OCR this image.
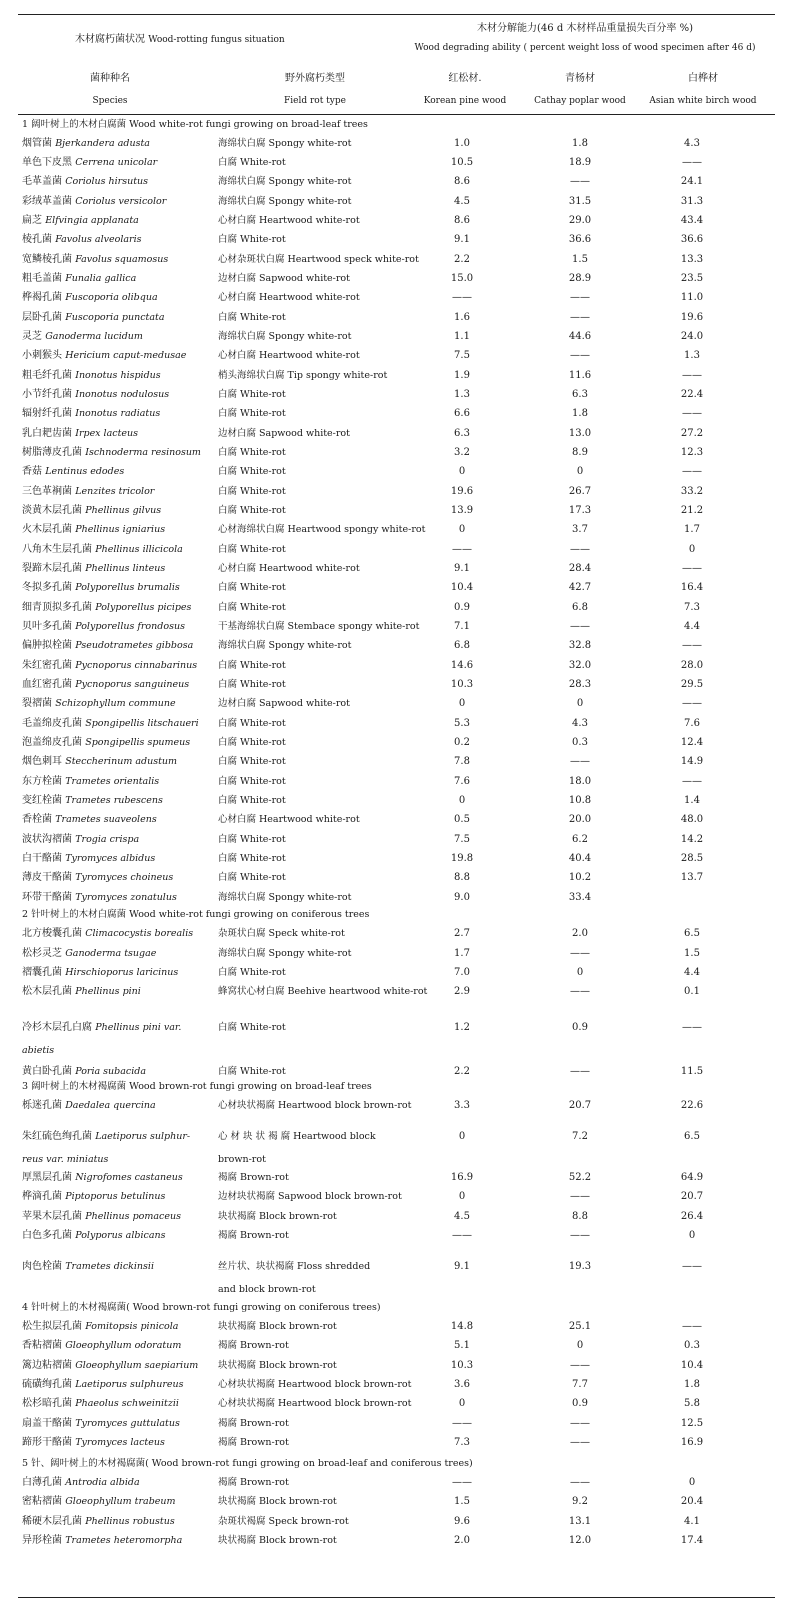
木材腐朽菌状况 Wood-rotting fungus situation
木材分解能力(46 d 木材样品重量损失百分率 %)
Wood degrading ability ( percent weight loss of wood specimen after 46 d)
菌种种名
Species
野外腐朽类型
Field rot type
红松材.
Korean pine wood
青杨材
Cathay poplar wood
白桦材
Asian white birch wood
1 阔叶树上的木材白腐菌 Wood white-rot fungi growing on broad-leaf trees
烟管菌 Bjerkandera adusta	海绵状白腐 Spongy white-rot	1.0	1.8	4.3
单色下皮黑 Cerrena unicolar	白腐 White-rot	10.5	18.9	——
毛革盖菌 Coriolus hirsutus	海绵状白腐 Spongy white-rot	8.6	——	24.1
彩绒革盖菌 Coriolus versicolor	海绵状白腐 Spongy white-rot	4.5	31.5	31.3
扁芝 Elfvingia applanata	心材白腐 Heartwood white-rot	8.6	29.0	43.4
棱孔菌 Favolus alveolaris	白腐 White-rot	9.1	36.6	36.6
宽鳞棱孔菌 Favolus squamosus	心材杂斑状白腐 Heartwood speck white-rot	2.2	1.5	13.3
粗毛盖菌 Funalia gallica	边材白腐 Sapwood white-rot	15.0	28.9	23.5
桦褐孔菌 Fuscoporia olibqua	心材白腐 Heartwood white-rot	——	——	11.0
层卧孔菌 Fuscoporia punctata	白腐 White-rot	1.6	——	19.6
灵芝 Ganoderma lucidum	海绵状白腐 Spongy white-rot	1.1	44.6	24.0
小刺猴头 Hericium caput-medusae	心材白腐 Heartwood white-rot	7.5	——	1.3
粗毛纤孔菌 Inonotus hispidus	梢头海绵状白腐 Tip spongy white-rot	1.9	11.6	——
小节纤孔菌 Inonotus nodulosus	白腐 White-rot	1.3	6.3	22.4
辐射纤孔菌 Inonotus radiatus	白腐 White-rot	6.6	1.8	——
乳白耙齿菌 Irpex lacteus	边材白腐 Sapwood white-rot	6.3	13.0	27.2
树脂薄皮孔菌 Ischnoderma resinosum	白腐 White-rot	3.2	8.9	12.3
香菇 Lentinus edodes	白腐 White-rot	0	0	——
三色革裥菌 Lenzites tricolor	白腐 White-rot	19.6	26.7	33.2
淡黄木层孔菌 Phellinus gilvus	白腐 White-rot	13.9	17.3	21.2
火木层孔菌 Phellinus igniarius	心材海绵状白腐 Heartwood spongy white-rot	0	3.7	1.7
八角木生层孔菌 Phellinus illicicola	白腐 White-rot	——	——	0
裂蹄木层孔菌 Phellinus linteus	心材白腐 Heartwood white-rot	9.1	28.4	——
冬拟多孔菌 Polyporellus brumalis	白腐 White-rot	10.4	42.7	16.4
细青顶拟多孔菌 Polyporellus picipes	白腐 White-rot	0.9	6.8	7.3
贝叶多孔菌 Polyporellus frondosus	干基海绵状白腐 Stembace spongy white-rot	7.1	——	4.4
偏肿拟栓菌 Pseudotrametes gibbosa	海绵状白腐 Spongy white-rot	6.8	32.8	——
朱红密孔菌 Pycnoporus cinnabarinus	白腐 White-rot	14.6	32.0	28.0
血红密孔菌 Pycnoporus sanguineus	白腐 White-rot	10.3	28.3	29.5
裂褶菌 Schizophyllum commune	边材白腐 Sapwood white-rot	0	0	——
毛盖绵皮孔菌 Spongipellis litschaueri	白腐 White-rot	5.3	4.3	7.6
泡盖绵皮孔菌 Spongipellis spumeus	白腐 White-rot	0.2	0.3	12.4
烟色刺耳 Steccherinum adustum	白腐 White-rot	7.8	——	14.9
东方栓菌 Trametes orientalis	白腐 White-rot	7.6	18.0	——
变红栓菌 Trametes rubescens	白腐 White-rot	0	10.8	1.4
香栓菌 Trametes suaveolens	心材白腐 Heartwood white-rot	0.5	20.0	48.0
波状沟褶菌 Trogia crispa	白腐 White-rot	7.5	6.2	14.2
白干酪菌 Tyromyces albidus	白腐 White-rot	19.8	40.4	28.5
薄皮干酪菌 Tyromyces choineus	白腐 White-rot	8.8	10.2	13.7
环带干酪菌 Tyromyces zonatulus	海绵状白腐 Spongy white-rot	9.0	33.4
2 针叶树上的木材白腐菌 Wood white-rot fungi growing on coniferous trees
北方梭囊孔菌 Climacocystis borealis	杂斑状白腐 Speck white-rot	2.7	2.0	6.5
松杉灵芝 Ganoderma tsugae	海绵状白腐 Spongy white-rot	1.7	——	1.5
褶囊孔菌 Hirschioporus laricinus	白腐 White-rot	7.0	0	4.4
松木层孔菌 Phellinus pini	蜂窝状心材白腐 Beehive heartwood white-rot	2.9	——	0.1
冷杉木层孔白腐 Phellinus pini var.	白腐 White-rot	1.2	0.9	——
abietis
黄白卧孔菌 Poria subacida	白腐 White-rot	2.2	——	11.5
3 阔叶树上的木材褐腐菌 Wood brown-rot fungi growing on broad-leaf trees
栎迷孔菌 Daedalea quercina	心材块状褐腐 Heartwood block brown-rot	3.3	20.7	22.6
朱红硫色绚孔菌 Laetiporus sulphur-	心 材 块 状 褐 腐 Heartwood block	0	7.2	6.5
reus var. miniatus	brown-rot
厚黑层孔菌 Nigrofomes castaneus	褐腐 Brown-rot	16.9	52.2	64.9
桦滴孔菌 Piptoporus betulinus	边材块状褐腐 Sapwood block brown-rot	0	——	20.7
苹果木层孔菌 Phellinus pomaceus	块状褐腐 Block brown-rot	4.5	8.8	26.4
白色多孔菌 Polyporus albicans	褐腐 Brown-rot	——	——	0
肉色栓菌 Trametes dickinsii	丝片状、块状褐腐 Floss shredded	9.1	19.3	——
and block brown-rot
4 针叶树上的木材褐腐菌( Wood brown-rot fungi growing on coniferous trees)
松生拟层孔菌 Fomitopsis pinicola	块状褐腐 Block brown-rot	14.8	25.1	——
香粘褶菌 Gloeophyllum odoratum	褐腐 Brown-rot	5.1	0	0.3
篱边粘褶菌 Gloeophyllum saepiarium	块状褐腐 Block brown-rot	10.3	——	10.4
硫磺绚孔菌 Laetiporus sulphureus	心材块状褐腐 Heartwood block brown-rot	3.6	7.7	1.8
松杉暗孔菌 Phaeolus schweinitzii	心材块状褐腐 Heartwood block brown-rot	0	0.9	5.8
扇盖干酪菌 Tyromyces guttulatus	褐腐 Brown-rot	——	——	12.5
蹄形干酪菌 Tyromyces lacteus	褐腐 Brown-rot	7.3	——	16.9
5 针、阔叶树上的木材褐腐菌( Wood brown-rot fungi growing on broad-leaf and coniferous trees)
白薄孔菌 Antrodia albida	褐腐 Brown-rot	——	——	0
密粘褶菌 Gloeophyllum trabeum	块状褐腐 Block brown-rot	1.5	9.2	20.4
稀硬木层孔菌 Phellinus robustus	杂斑状褐腐 Speck brown-rot	9.6	13.1	4.1
异形栓菌 Trametes heteromorpha	块状褐腐 Block brown-rot	2.0	12.0	17.4
